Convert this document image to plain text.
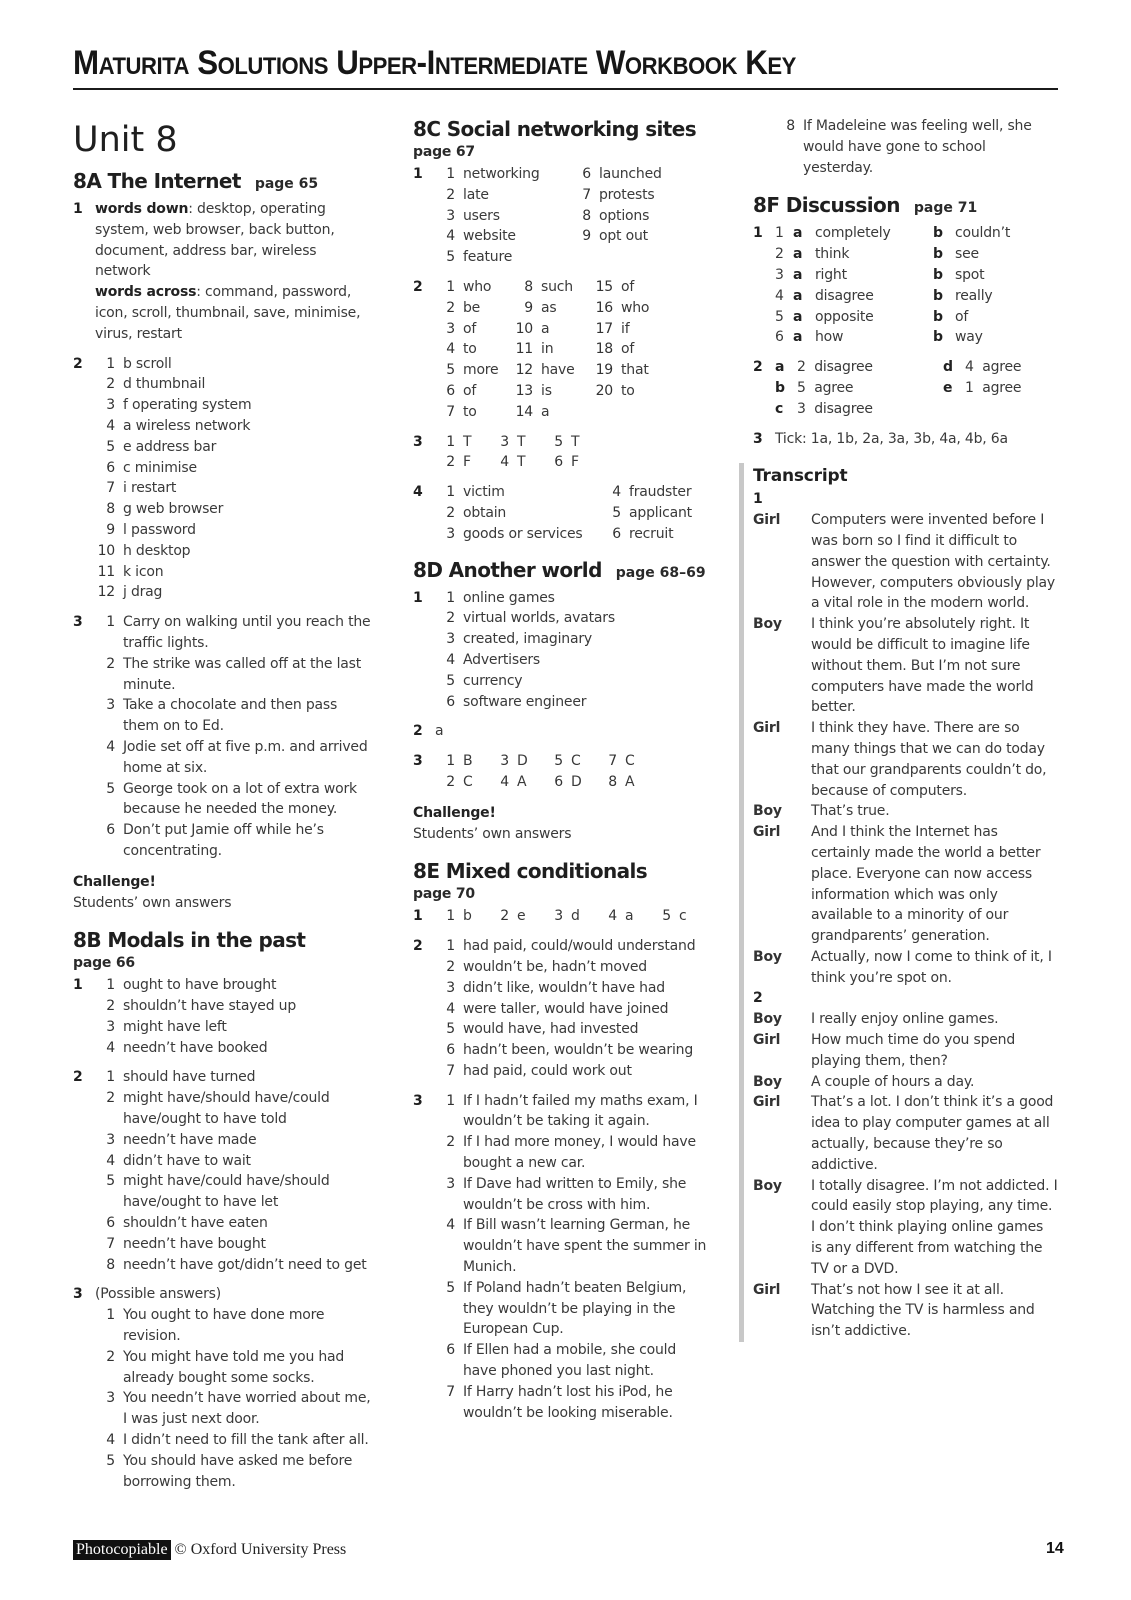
Maturita Solutions Upper-Intermediate Workbook Key
Unit 8
8A The Internet page 65
1 words down: desktop, operating system, web browser, back button, document, address bar, wireless network
words across: command, password, icon, scroll, thumbnail, save, minimise, virus, restart
2	1 b scroll
2 d thumbnail
3 f operating system
4 a wireless network
5 e address bar
6 c minimise
7 i restart
8 g web browser
9 l password
10 h desktop
11 k icon
12 j drag
3	1 Carry on walking until you reach the traffic lights.
2 The strike was called off at the last minute.
3 Take a chocolate and then pass them on to Ed.
4 Jodie set off at five p.m. and arrived home at six.
5 George took on a lot of extra work because he needed the money.
6 Don’t put Jamie off while he’s concentrating.
Challenge!
Students’ own answers
8B Modals in the past
page 66
1	1 ought to have brought
2 shouldn’t have stayed up
3 might have left
4 needn’t have booked
2	1 should have turned
2 might have/should have/could have/ought to have told
3 needn’t have made
4 didn’t have to wait
5 might have/could have/should have/ought to have let
6 shouldn’t have eaten
7 needn’t have bought
8 needn’t have got/didn’t need to get
3 (Possible answers)
1 You ought to have done more revision.
2 You might have told me you had already bought some socks.
3 You needn’t have worried about me, I was just next door.
4 I didn’t need to fill the tank after all.
5 You should have asked me before borrowing them.
8C Social networking sites
page 67
1	1 networking	6 launched
2 late	7 protests
3 users	8 options
4 website	9 opt out
5 feature
2	1 who	8 such	15 of
2 be	9 as	16 who
3 of	10 a	17 if
4 to	11 in	18 of
5 more	12 have	19 that
6 of	13 is	20 to
7 to	14 a
3	1 T	3 T	5 T
2 F	4 T	6 F
4	1 victim	4 fraudster
2 obtain	5 applicant
3 goods or services	6 recruit
8D Another world page 68–69
1	1 online games
2 virtual worlds, avatars
3 created, imaginary
4 Advertisers
5 currency
6 software engineer
2 a
3	1 B	3 D	5 C	7 C
2 C	4 A	6 D	8 A
Challenge!
Students’ own answers
8E Mixed conditionals
page 70
1	1 b	2 e	3 d	4 a	5 c
2	1 had paid, could/would understand
2 wouldn’t be, hadn’t moved
3 didn’t like, wouldn’t have had
4 were taller, would have joined
5 would have, had invested
6 hadn’t been, wouldn’t be wearing
7 had paid, could work out
3	1 If I hadn’t failed my maths exam, I wouldn’t be taking it again.
2 If I had more money, I would have bought a new car.
3 If Dave had written to Emily, she wouldn’t be cross with him.
4 If Bill wasn’t learning German, he wouldn’t have spent the summer in Munich.
5 If Poland hadn’t beaten Belgium, they wouldn’t be playing in the European Cup.
6 If Ellen had a mobile, she could have phoned you last night.
7 If Harry hadn’t lost his iPod, he wouldn’t be looking miserable.
8 If Madeleine was feeling well, she would have gone to school yesterday.
8F Discussion page 71
1 1 a completely	b couldn’t
2 a think	b see
3 a right	b spot
4 a disagree	b really
5 a opposite	b of
6 a how	b way
2 a 2  disagree	d 4  agree
b 5  agree	e 1  agree
c 3  disagree
3 Tick: 1a, 1b, 2a, 3a, 3b, 4a, 4b, 6a
Transcript
1
Girl	Computers were invented before I was born so I find it difficult to answer the question with certainty. However, computers obviously play a vital role in the modern world.
Boy	I think you’re absolutely right. It would be difficult to imagine life without them. But I’m not sure computers have made the world better.
Girl	I think they have. There are so many things that we can do today that our grandparents couldn’t do, because of computers.
Boy	That’s true.
Girl	And I think the Internet has certainly made the world a better place. Everyone can now access information which was only available to a minority of our grandparents’ generation.
Boy	Actually, now I come to think of it, I think you’re spot on.
2
Boy	I really enjoy online games.
Girl	How much time do you spend playing them, then?
Boy	A couple of hours a day.
Girl	That’s a lot. I don’t think it’s a good idea to play computer games at all actually, because they’re so addictive.
Boy	I totally disagree. I’m not addicted. I could easily stop playing, any time. I don’t think playing online games is any different from watching the TV or a DVD.
Girl	That’s not how I see it at all. Watching the TV is harmless and isn’t addictive.
Photocopiable © Oxford University Press	14
